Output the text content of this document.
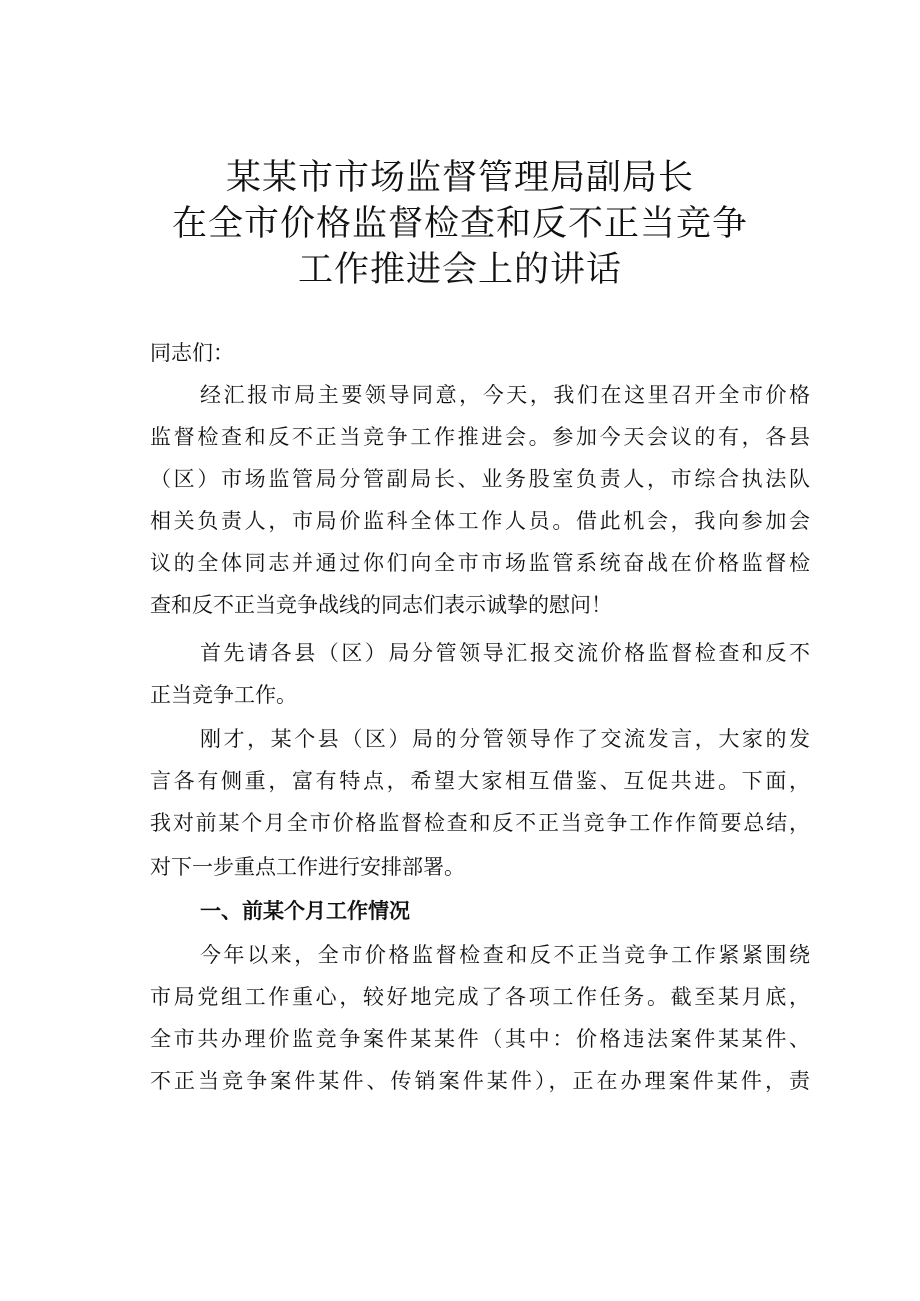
某某市市场监督管理局副局长
在全市价格监督检查和反不正当竞争
工作推进会上的讲话
同志们：
经汇报市局主要领导同意，今天，我们在这里召开全市价格
监督检查和反不正当竞争工作推进会。参加今天会议的有，各县
（区）市场监管局分管副局长、业务股室负责人，市综合执法队
相关负责人，市局价监科全体工作人员。借此机会，我向参加会
议的全体同志并通过你们向全市市场监管系统奋战在价格监督检
查和反不正当竞争战线的同志们表示诚挚的慰问！
首先请各县（区）局分管领导汇报交流价格监督检查和反不
正当竞争工作。
刚才，某个县（区）局的分管领导作了交流发言，大家的发
言各有侧重，富有特点，希望大家相互借鉴、互促共进。下面，
我对前某个月全市价格监督检查和反不正当竞争工作作简要总结，
对下一步重点工作进行安排部署。
一、前某个月工作情况
今年以来，全市价格监督检查和反不正当竞争工作紧紧围绕
市局党组工作重心，较好地完成了各项工作任务。截至某月底，
全市共办理价监竞争案件某某件（其中：价格违法案件某某件、
不正当竞争案件某件、传销案件某件），正在办理案件某件，责
